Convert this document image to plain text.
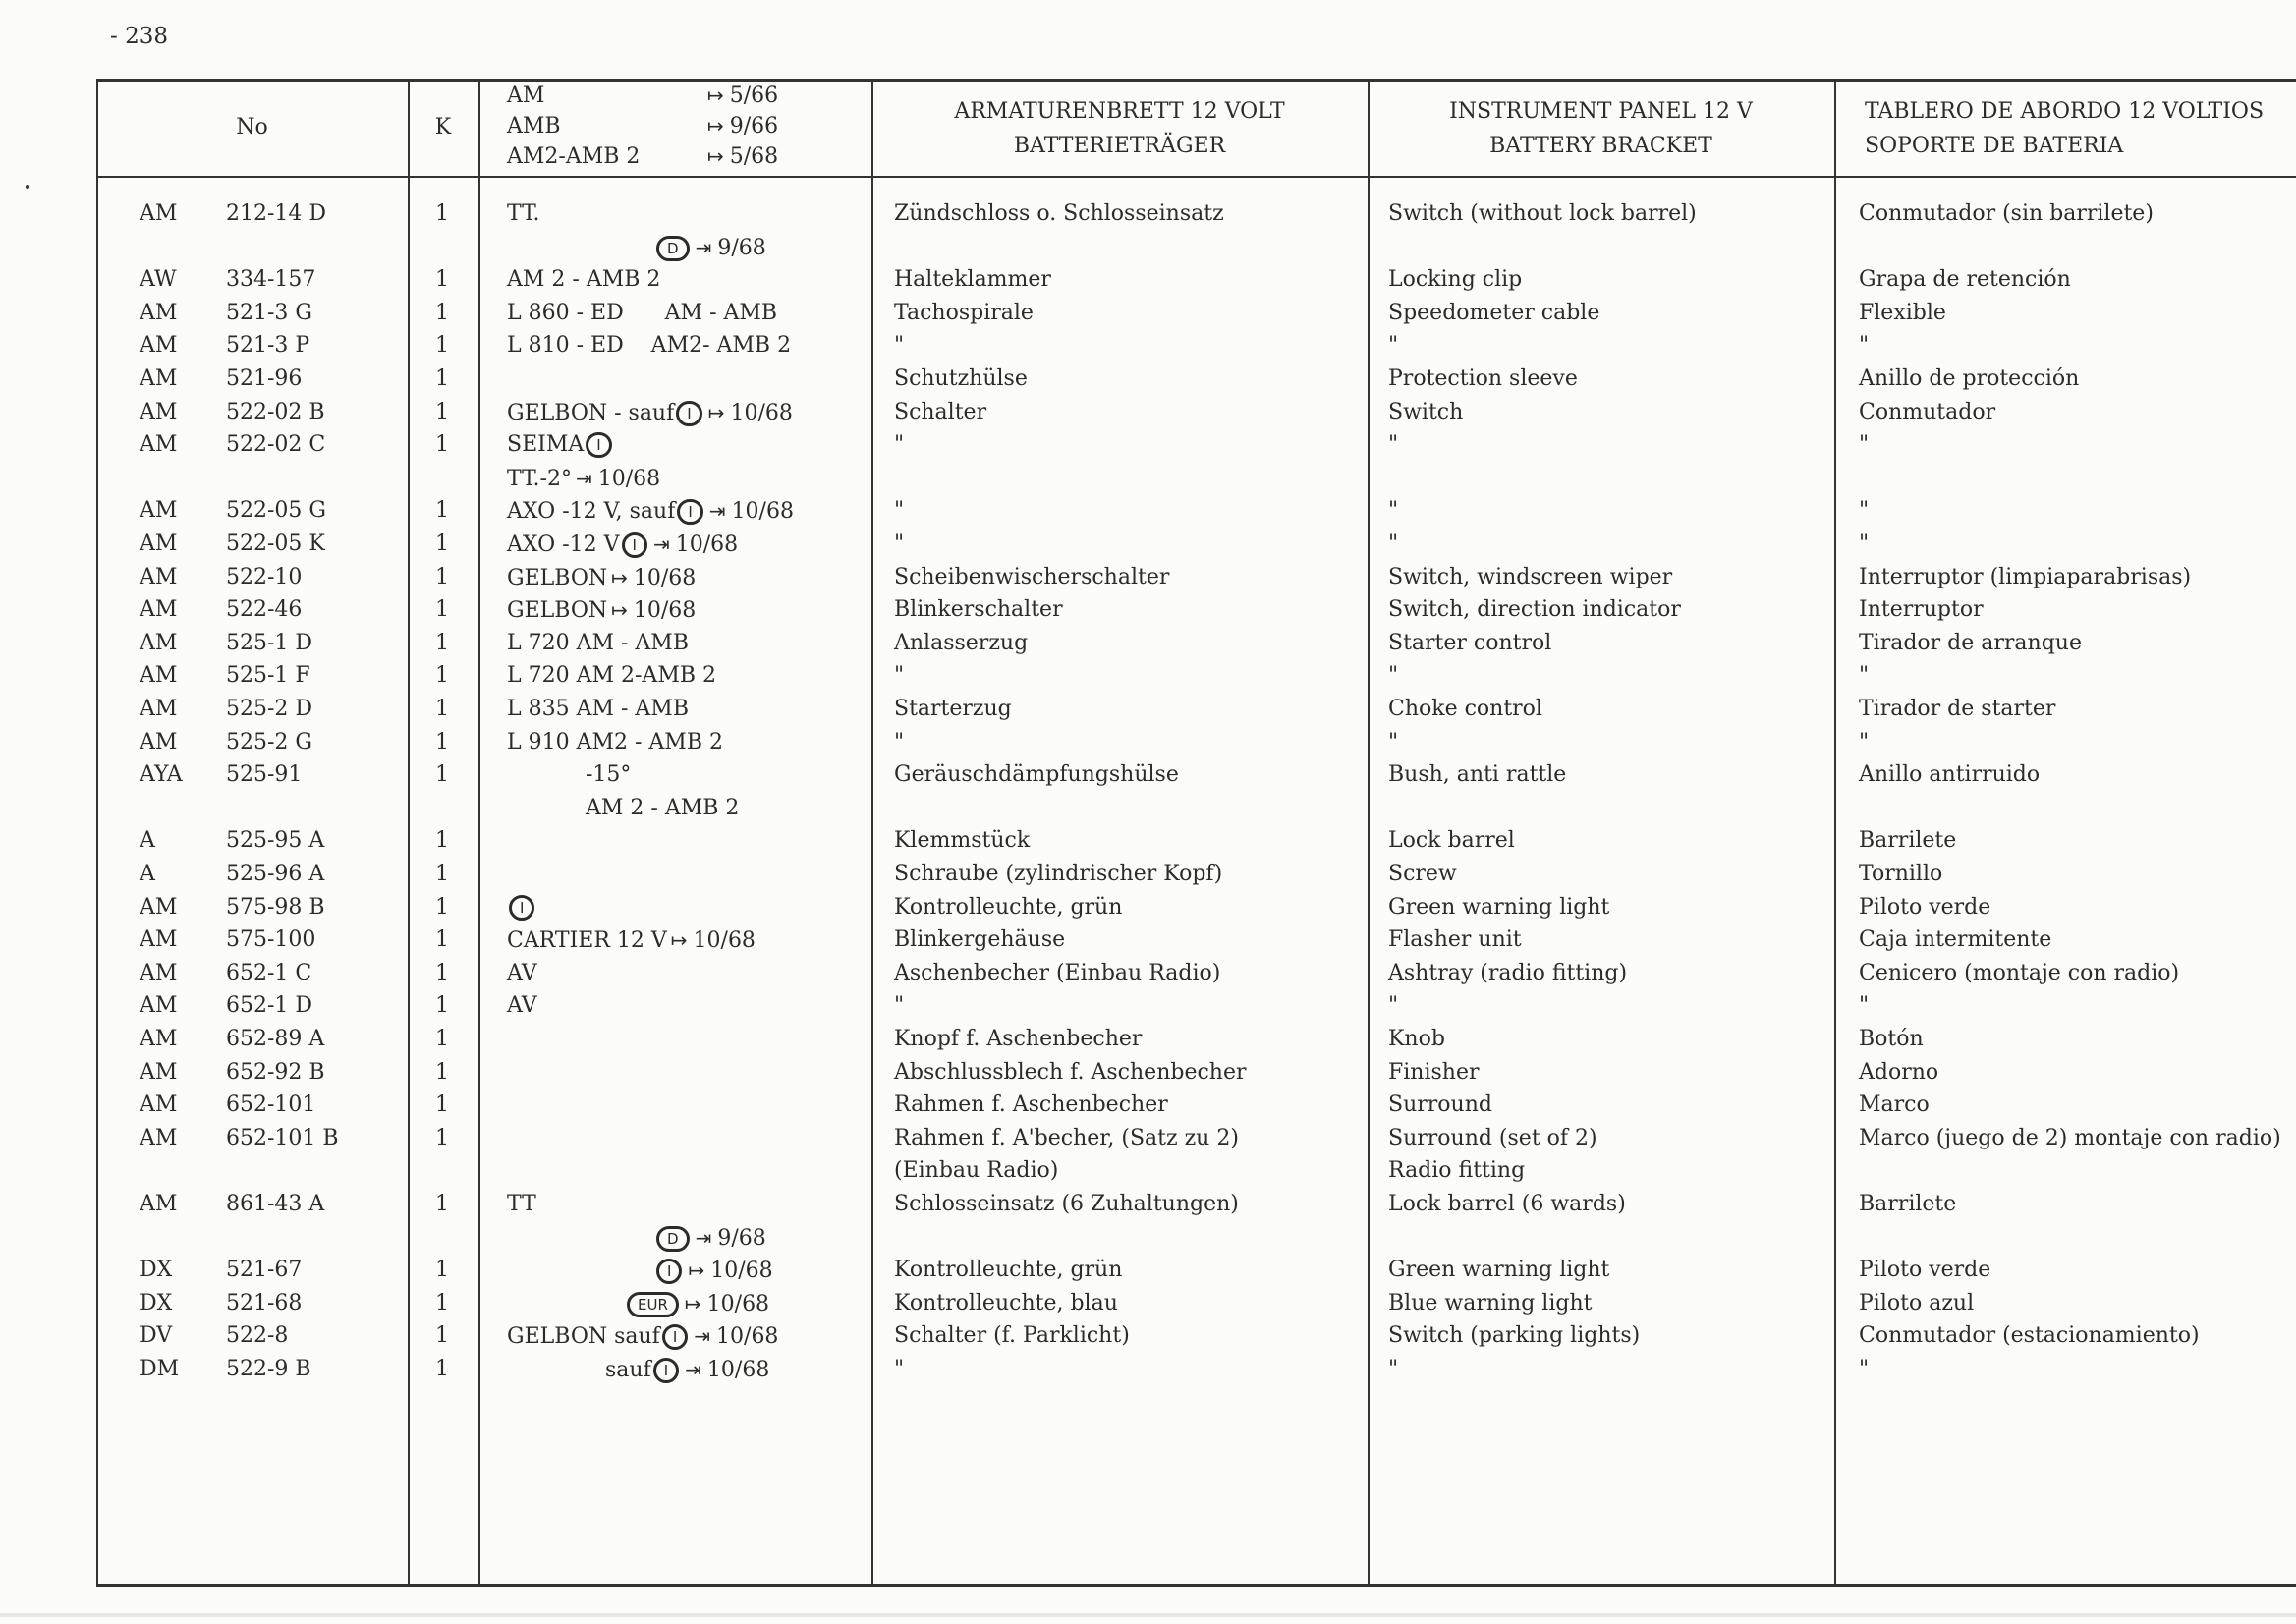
- 238
No	K
AM	↦ 5/66
AMB	↦ 9/66
AM2-AMB 2	↦ 5/68
ARMATURENBRETT 12 VOLT
BATTERIETRÄGER
INSTRUMENT PANEL 12 V
BATTERY BRACKET
TABLERO DE ABORDO 12 VOLTIOS
SOPORTE DE BATERIA
AM 212-14 D	1	TT.	Zündschloss o. Schlosseinsatz	Switch (without lock barrel)	Conmutador (sin barrilete)
D ⇥ 9/68
AW 334-157	1	AM 2 - AMB 2	Halteklammer	Locking clip	Grapa de retención
AM 521-3 G	1	L 860 - ED      AM - AMB	Tachospirale	Speedometer cable	Flexible
AM 521-3 P	1	L 810 - ED    AM2- AMB 2	"	"	"
AM 521-96	1	Schutzhülse	Protection sleeve	Anillo de protección
AM 522-02 B	1	GELBON - sauf I ↦ 10/68	Schalter	Switch	Conmutador
AM 522-02 C	1	SEIMA I	"	"	"
TT.-2° ⇥ 10/68
AM 522-05 G	1	AXO -12 V, sauf I ⇥ 10/68	"	"	"
AM 522-05 K	1	AXO -12 V I ⇥ 10/68	"	"	"
AM 522-10	1	GELBON ↦ 10/68	Scheibenwischerschalter	Switch, windscreen wiper	Interruptor (limpiaparabrisas)
AM 522-46	1	GELBON ↦ 10/68	Blinkerschalter	Switch, direction indicator	Interruptor
AM 525-1 D	1	L 720 AM - AMB	Anlasserzug	Starter control	Tirador de arranque
AM 525-1 F	1	L 720 AM 2-AMB 2	"	"	"
AM 525-2 D	1	L 835 AM - AMB	Starterzug	Choke control	Tirador de starter
AM 525-2 G	1	L 910 AM2 - AMB 2	"	"	"
AYA 525-91	1	-15°	Geräuschdämpfungshülse	Bush, anti rattle	Anillo antirruido
AM 2 - AMB 2
A	525-95 A	1	Klemmstück	Lock barrel	Barrilete
A	525-96 A	1	Schraube (zylindrischer Kopf)	Screw	Tornillo
AM 575-98 B	1	I	Kontrolleuchte, grün	Green warning light	Piloto verde
AM 575-100	1	CARTIER 12 V ↦ 10/68	Blinkergehäuse	Flasher unit	Caja intermitente
AM 652-1 C	1	AV	Aschenbecher (Einbau Radio)	Ashtray (radio fitting)	Cenicero (montaje con radio)
AM 652-1 D	1	AV	"	"	"
AM 652-89 A	1	Knopf f. Aschenbecher	Knob	Botón
AM 652-92 B	1	Abschlussblech f. Aschenbecher	Finisher	Adorno
AM 652-101	1	Rahmen f. Aschenbecher	Surround	Marco
AM 652-101 B	1	Rahmen f. A'becher, (Satz zu 2)	Surround (set of 2)	Marco (juego de 2) montaje con radio)
(Einbau Radio)	Radio fitting
AM 861-43 A	1	TT	Schlosseinsatz (6 Zuhaltungen)	Lock barrel (6 wards)	Barrilete
D ⇥ 9/68
DX 521-67	1	I ↦ 10/68	Kontrolleuchte, grün	Green warning light	Piloto verde
DX 521-68	1	EUR ↦ 10/68	Kontrolleuchte, blau	Blue warning light	Piloto azul
DV 522-8	1	GELBON sauf I ⇥ 10/68	Schalter (f. Parklicht)	Switch (parking lights)	Conmutador (estacionamiento)
DM 522-9 B	1	sauf I ⇥ 10/68	"	"	"
